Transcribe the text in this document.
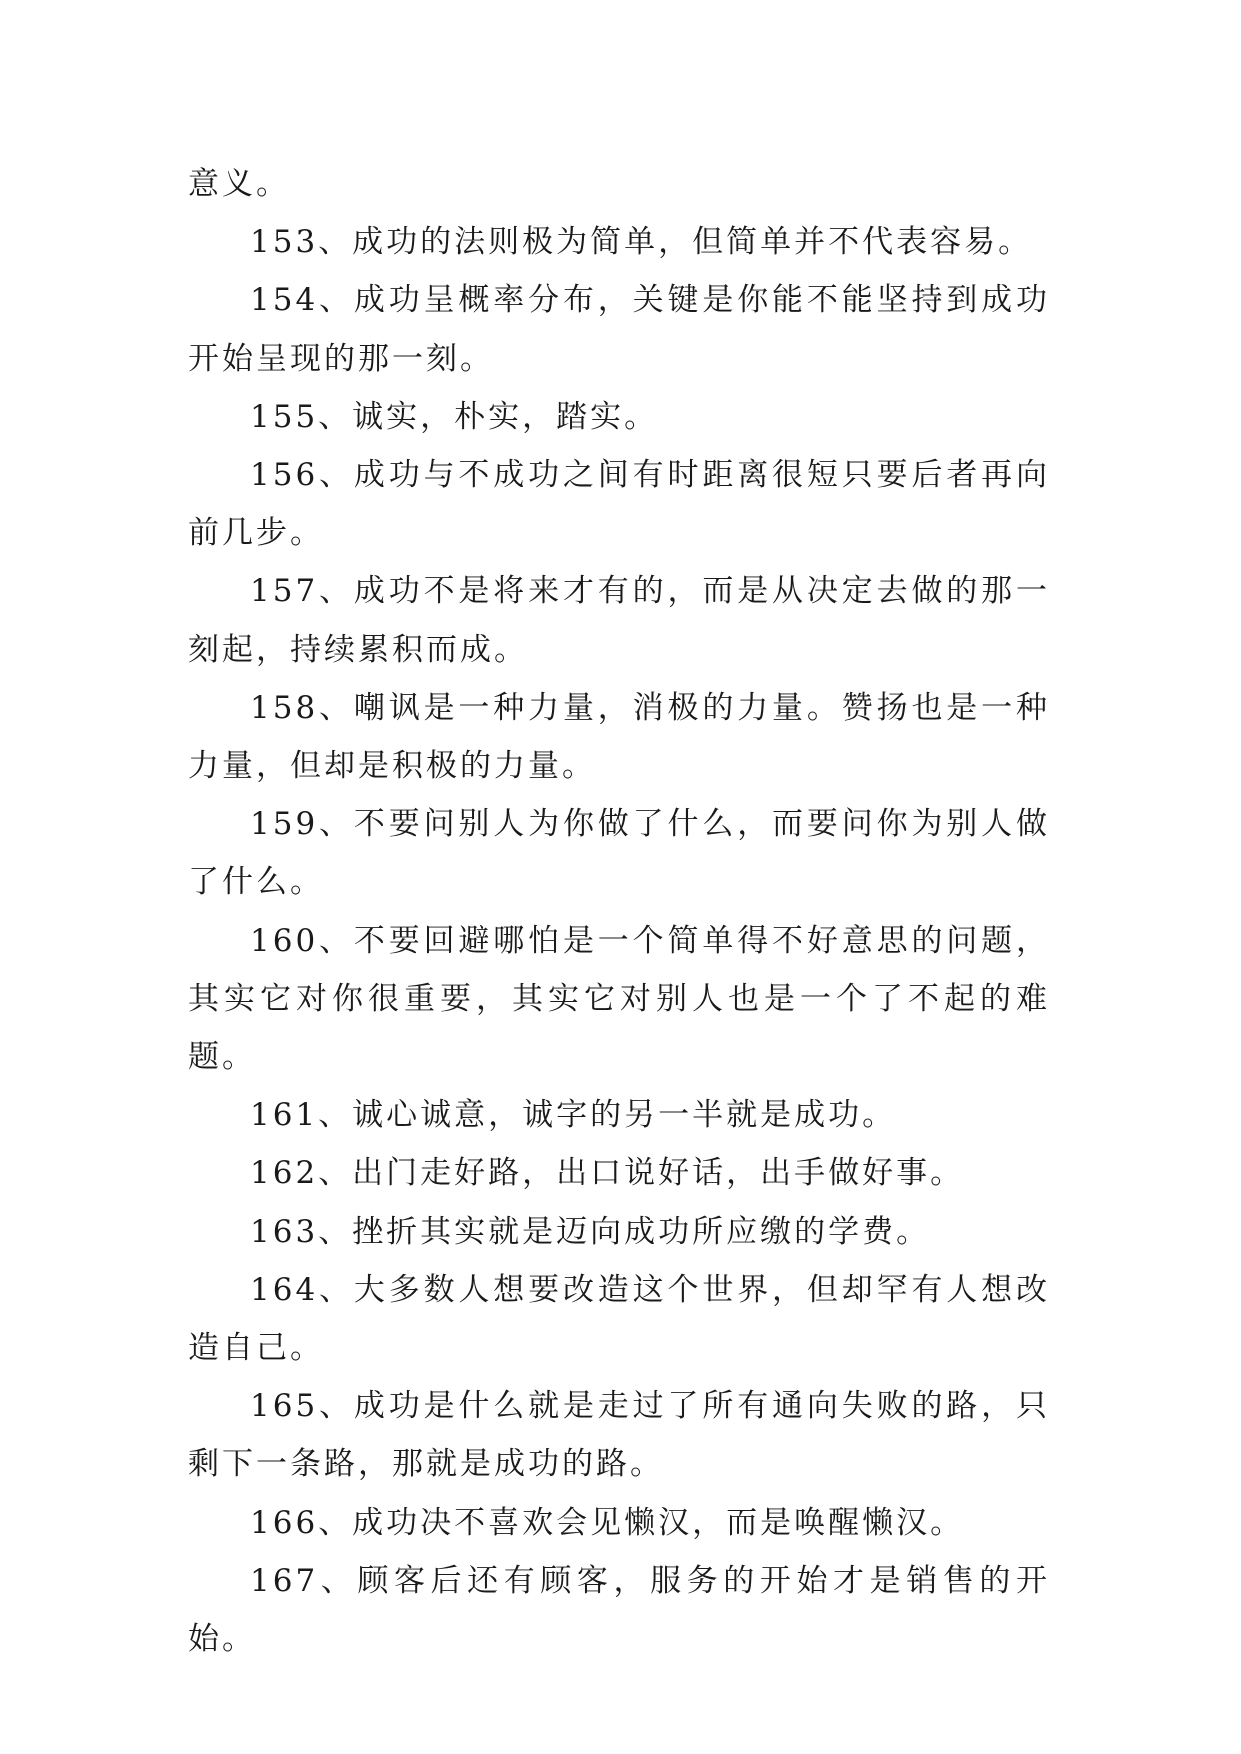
意义。

153、成功的法则极为简单，但简单并不代表容易。

154、成功呈概率分布，关键是你能不能坚持到成功开始呈现的那一刻。

155、诚实，朴实，踏实。

156、成功与不成功之间有时距离很短只要后者再向前几步。

157、成功不是将来才有的，而是从决定去做的那一刻起，持续累积而成。

158、嘲讽是一种力量，消极的力量。赞扬也是一种力量，但却是积极的力量。

159、不要问别人为你做了什么，而要问你为别人做了什么。

160、不要回避哪怕是一个简单得不好意思的问题，其实它对你很重要，其实它对别人也是一个了不起的难题。

161、诚心诚意，诚字的另一半就是成功。

162、出门走好路，出口说好话，出手做好事。

163、挫折其实就是迈向成功所应缴的学费。

164、大多数人想要改造这个世界，但却罕有人想改造自己。

165、成功是什么就是走过了所有通向失败的路，只剩下一条路，那就是成功的路。

166、成功决不喜欢会见懒汉，而是唤醒懒汉。

167、顾客后还有顾客，服务的开始才是销售的开始。
